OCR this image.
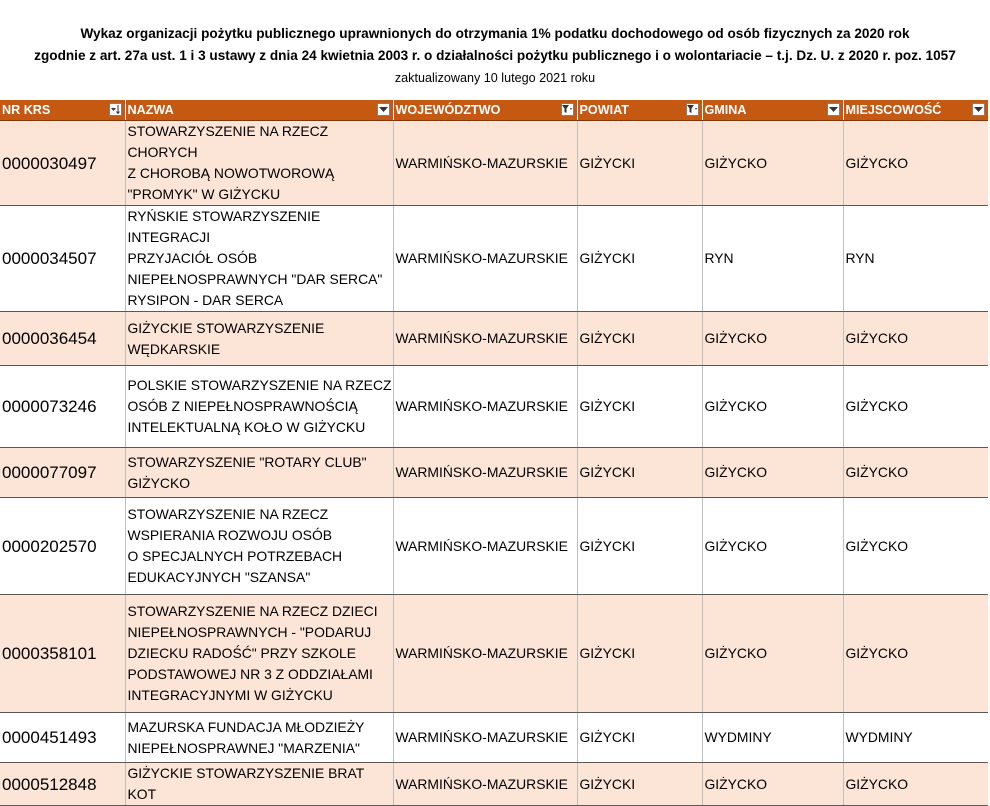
Wykaz organizacji pożytku publicznego uprawnionych do otrzymania 1% podatku dochodowego od osób fizycznych za 2020 rok
zgodnie z art. 27a ust. 1 i 3 ustawy z dnia 24 kwietnia 2003 r. o działalności pożytku publicznego i o wolontariacie – t.j. Dz. U. z 2020 r. poz. 1057
zaktualizowany 10 lutego 2021 roku
NR KRS	NAZWA	WOJEWÓDZTWO	POWIAT	GMINA	MIEJSCOWOŚĆ

0000030497	STOWARZYSZENIE NA RZECZ CHORYCH
Z CHOROBĄ NOWOTWOROWĄ
"PROMYK" W GIŻYCKU	WARMIŃSKO-MAZURSKIE	GIŻYCKI	GIŻYCKO	GIŻYCKO
0000034507	RYŃSKIE STOWARZYSZENIE INTEGRACJI
PRZYJACIÓŁ OSÓB
NIEPEŁNOSPRAWNYCH "DAR SERCA"
RYSIPON - DAR SERCA	WARMIŃSKO-MAZURSKIE	GIŻYCKI	RYN	RYN
0000036454	GIŻYCKIE STOWARZYSZENIE
WĘDKARSKIE	WARMIŃSKO-MAZURSKIE	GIŻYCKI	GIŻYCKO	GIŻYCKO
0000073246	POLSKIE STOWARZYSZENIE NA RZECZ
OSÓB Z NIEPEŁNOSPRAWNOŚCIĄ
INTELEKTUALNĄ KOŁO W GIŻYCKU	WARMIŃSKO-MAZURSKIE	GIŻYCKI	GIŻYCKO	GIŻYCKO
0000077097	STOWARZYSZENIE "ROTARY CLUB"
GIŻYCKO	WARMIŃSKO-MAZURSKIE	GIŻYCKI	GIŻYCKO	GIŻYCKO
0000202570	STOWARZYSZENIE NA RZECZ
WSPIERANIA ROZWOJU OSÓB
O SPECJALNYCH POTRZEBACH
EDUKACYJNYCH "SZANSA"	WARMIŃSKO-MAZURSKIE	GIŻYCKI	GIŻYCKO	GIŻYCKO
0000358101	STOWARZYSZENIE NA RZECZ DZIECI
NIEPEŁNOSPRAWNYCH - "PODARUJ
DZIECKU RADOŚĆ" PRZY SZKOLE
PODSTAWOWEJ NR 3 Z ODDZIAŁAMI
INTEGRACYJNYMI W GIŻYCKU	WARMIŃSKO-MAZURSKIE	GIŻYCKI	GIŻYCKO	GIŻYCKO
0000451493	MAZURSKA FUNDACJA MŁODZIEŻY
NIEPEŁNOSPRAWNEJ "MARZENIA"	WARMIŃSKO-MAZURSKIE	GIŻYCKI	WYDMINY	WYDMINY
0000512848	GIŻYCKIE STOWARZYSZENIE BRAT KOT	WARMIŃSKO-MAZURSKIE	GIŻYCKI	GIŻYCKO	GIŻYCKO
